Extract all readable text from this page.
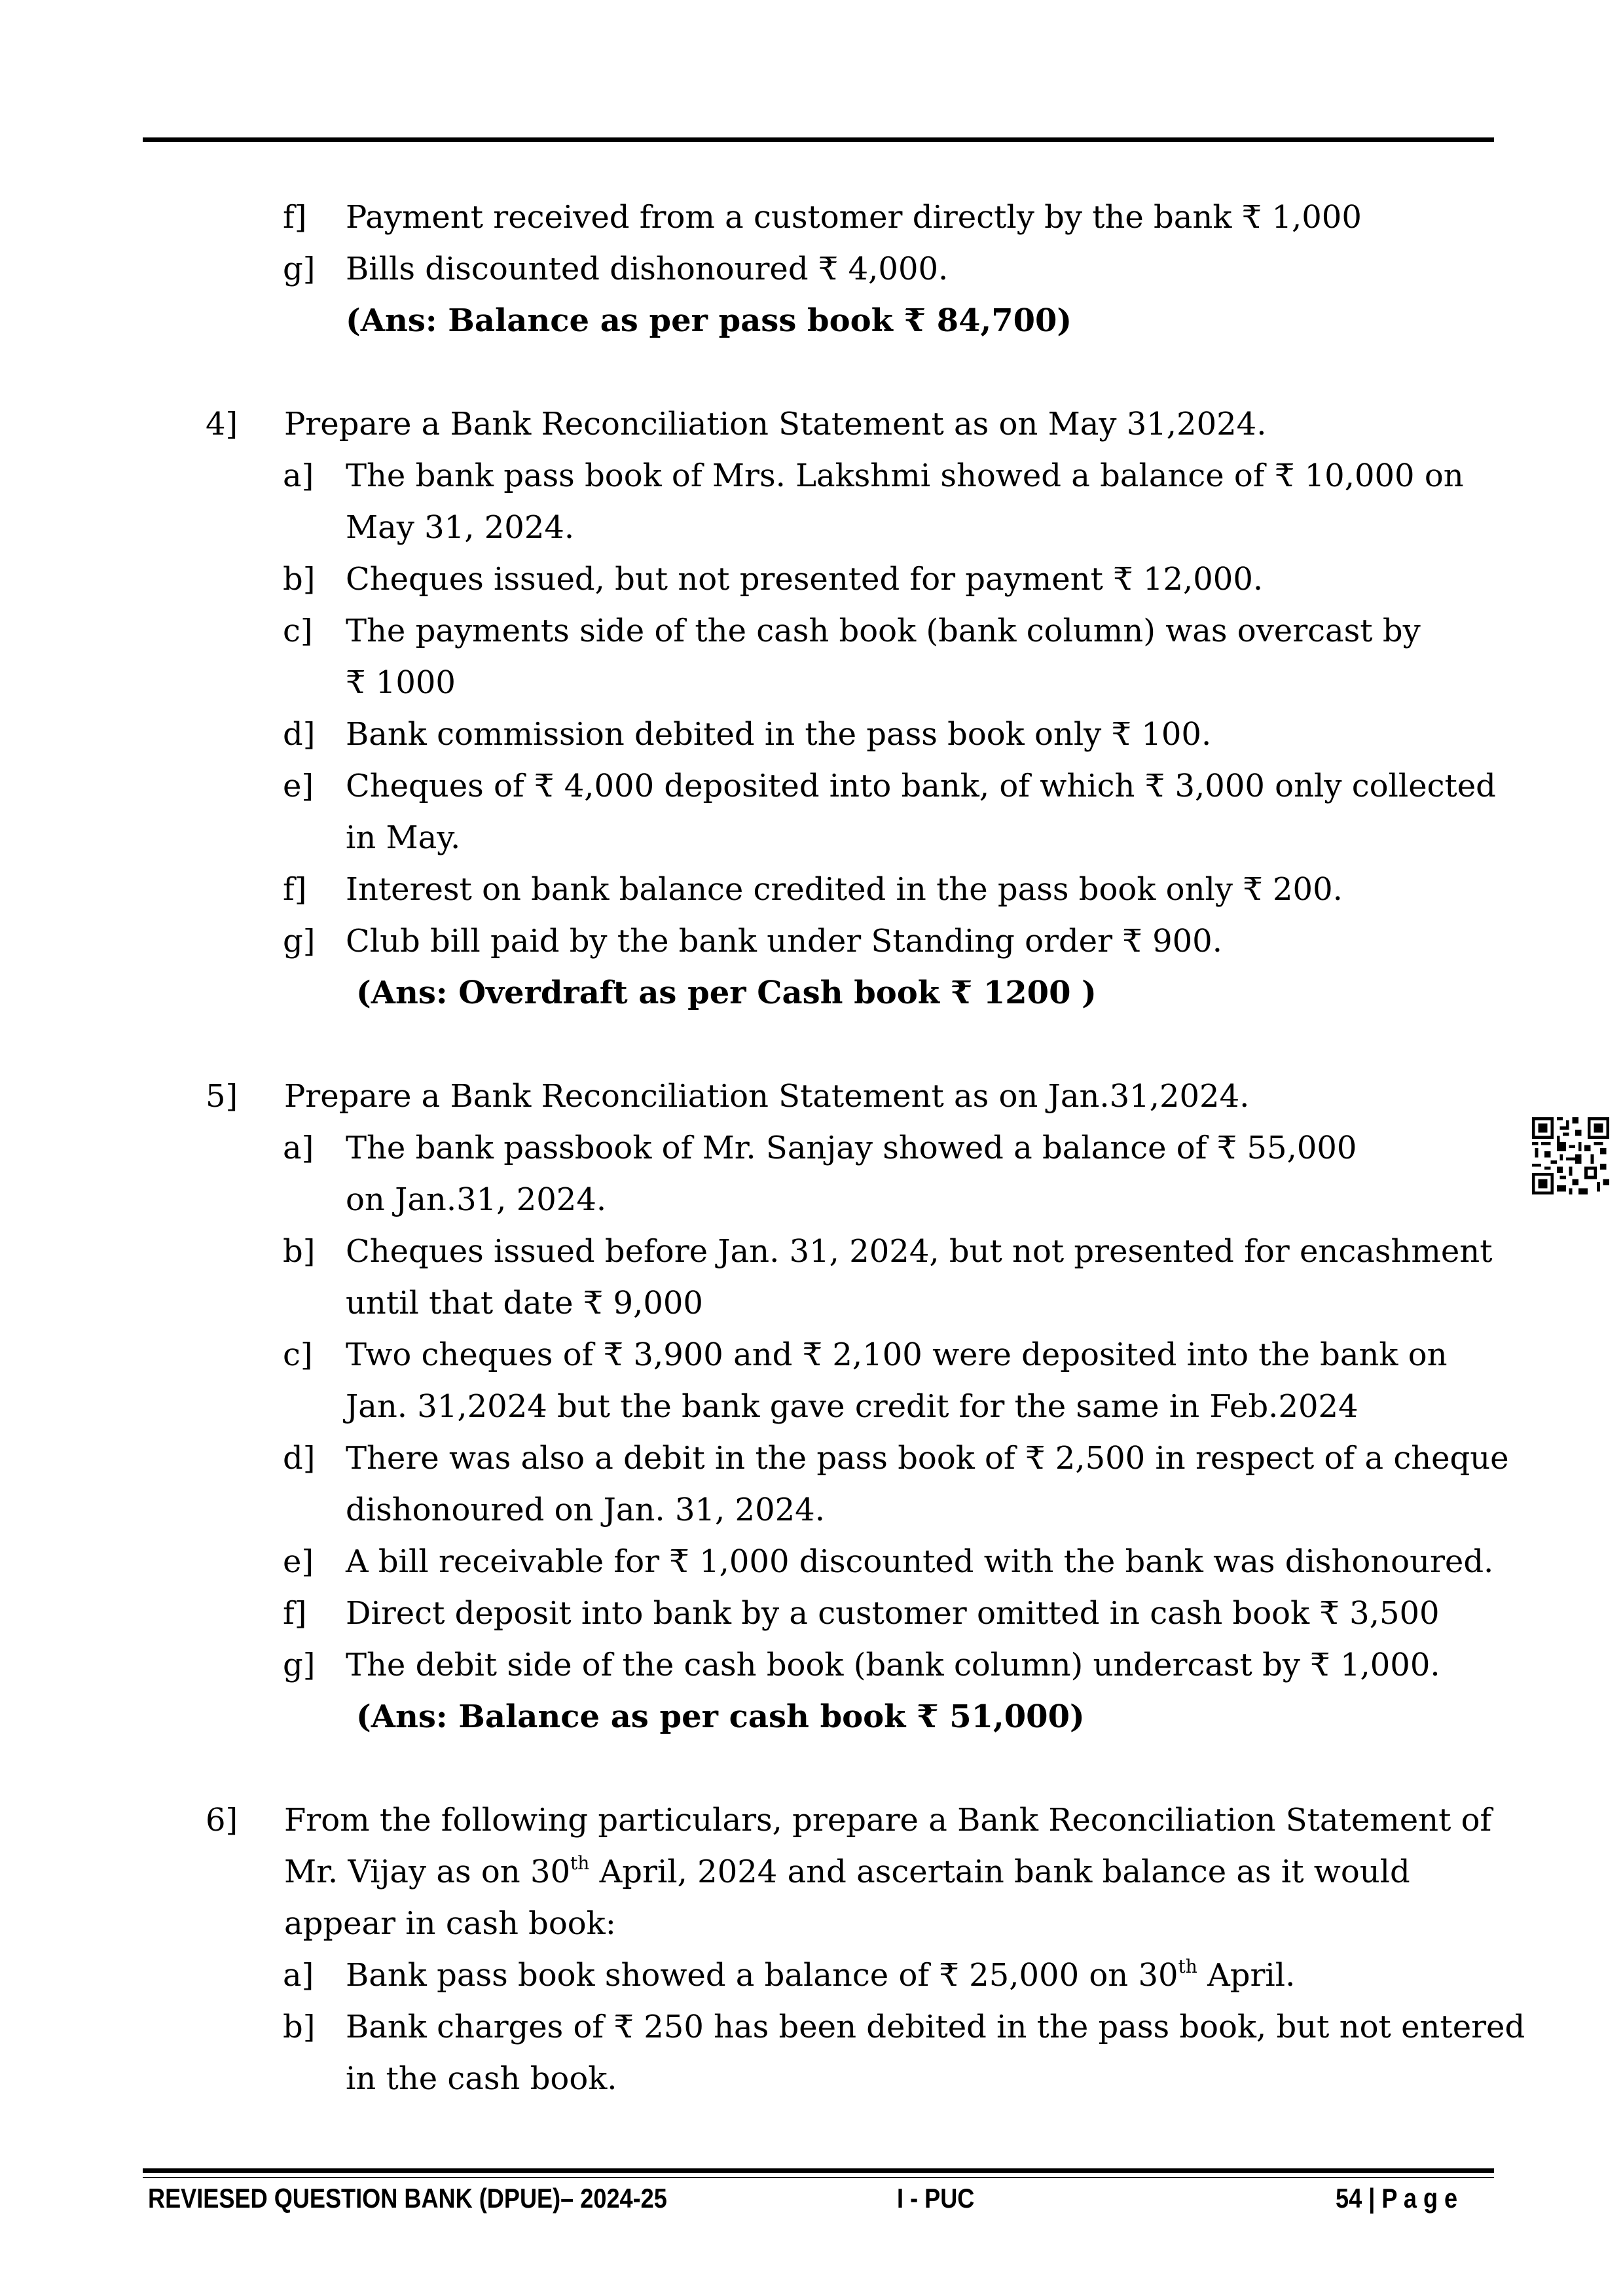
f] Payment received from a customer directly by the bank ₹ 1,000
g] Bills discounted dishonoured ₹ 4,000.
(Ans: Balance as per pass book ₹ 84,700)
4] Prepare a Bank Reconciliation Statement as on May 31,2024.
a] The bank pass book of Mrs. Lakshmi showed a balance of ₹ 10,000 on
May 31, 2024.
b] Cheques issued, but not presented for payment ₹ 12,000.
c] The payments side of the cash book (bank column) was overcast by
₹ 1000
d] Bank commission debited in the pass book only ₹ 100.
e] Cheques of ₹ 4,000 deposited into bank, of which ₹ 3,000 only collected
in May.
f] Interest on bank balance credited in the pass book only ₹ 200.
g] Club bill paid by the bank under Standing order ₹ 900.
(Ans: Overdraft as per Cash book ₹ 1200 )
5] Prepare a Bank Reconciliation Statement as on Jan.31,2024.
a] The bank passbook of Mr. Sanjay showed a balance of ₹ 55,000
on Jan.31, 2024.
b] Cheques issued before Jan. 31, 2024, but not presented for encashment
until that date ₹ 9,000
c] Two cheques of ₹ 3,900 and ₹ 2,100 were deposited into the bank on
Jan. 31,2024 but the bank gave credit for the same in Feb.2024
d] There was also a debit in the pass book of ₹ 2,500 in respect of a cheque
dishonoured on Jan. 31, 2024.
e] A bill receivable for ₹ 1,000 discounted with the bank was dishonoured.
f] Direct deposit into bank by a customer omitted in cash book ₹ 3,500
g] The debit side of the cash book (bank column) undercast by ₹ 1,000.
(Ans: Balance as per cash book ₹ 51,000)
6] From the following particulars, prepare a Bank Reconciliation Statement of
Mr. Vijay as on 30th April, 2024 and ascertain bank balance as it would
appear in cash book:
a] Bank pass book showed a balance of ₹ 25,000 on 30th April.
b] Bank charges of ₹ 250 has been debited in the pass book, but not entered
in the cash book.
REVIESED QUESTION BANK (DPUE)– 2024-25	I - PUC	54 | P a g e
